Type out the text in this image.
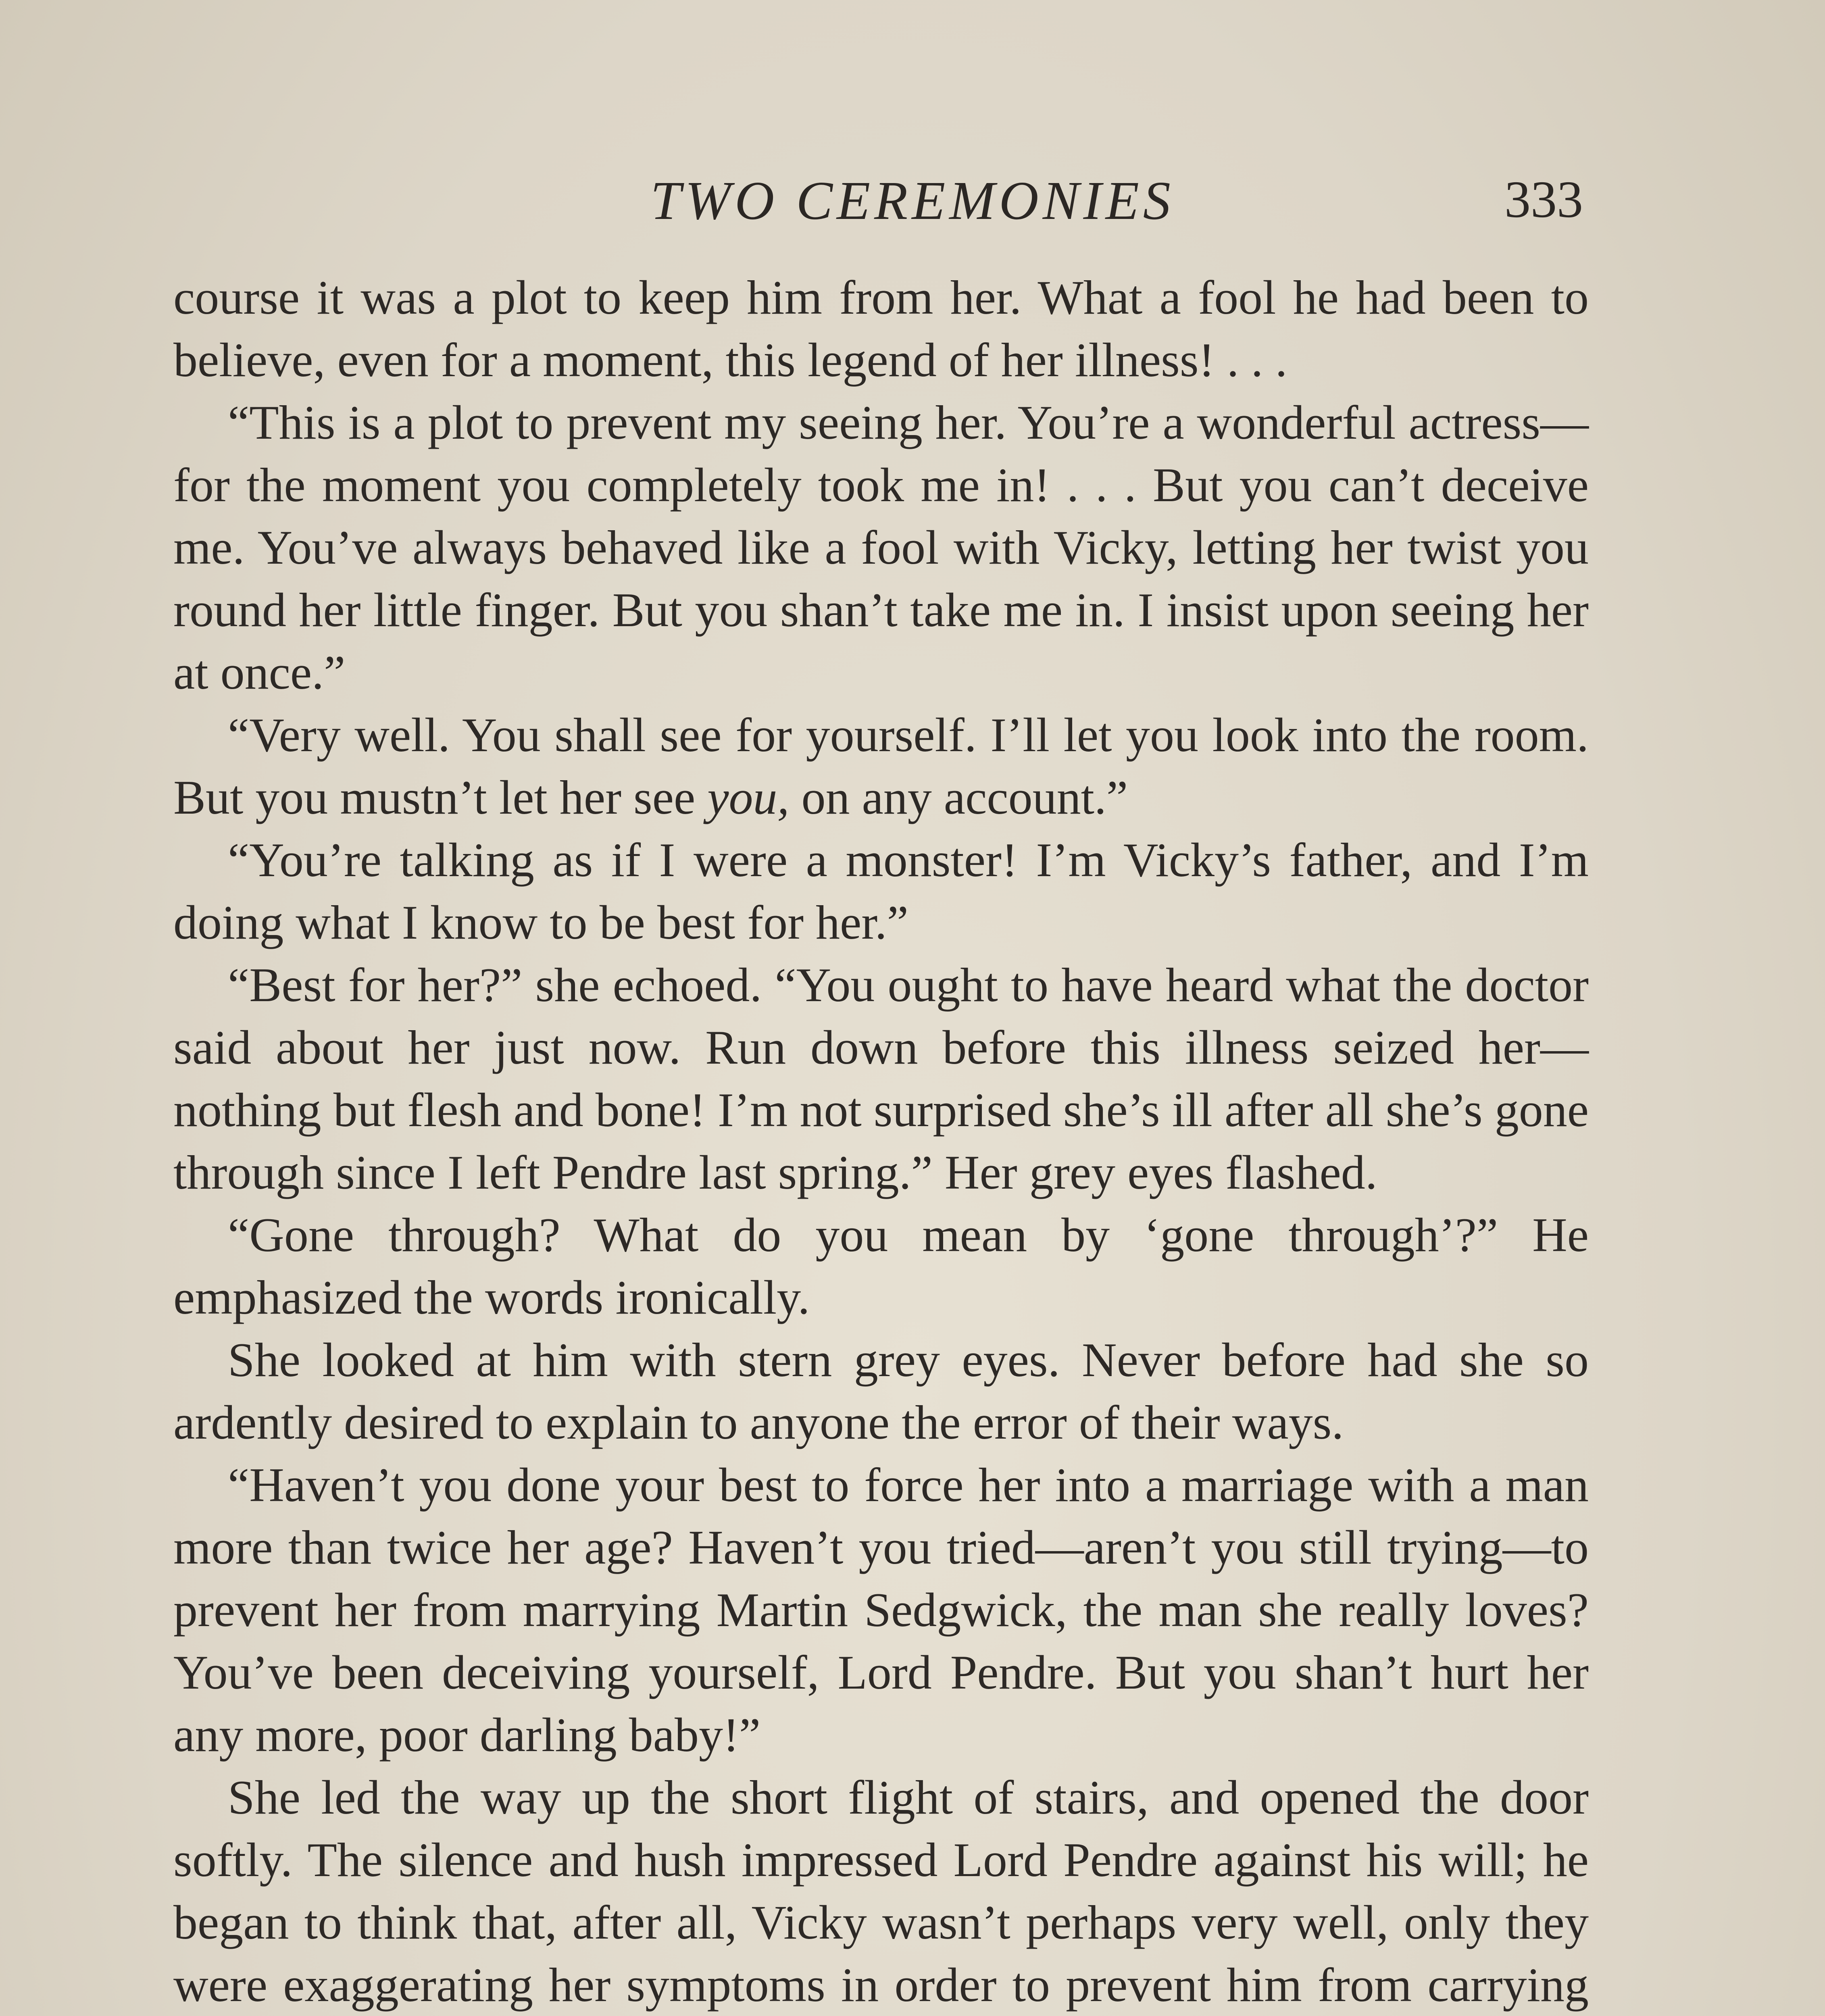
TWO CEREMONIES	333

course it was a plot to keep him from her. What a fool he had been to believe, even for a moment, this legend of her illness! . . .

“This is a plot to prevent my seeing her. You’re a wonderful actress—for the moment you completely took me in! . . . But you can’t deceive me. You’ve always behaved like a fool with Vicky, letting her twist you round her little finger. But you shan’t take me in. I insist upon seeing her at once.”

“Very well. You shall see for yourself. I’ll let you look into the room. But you mustn’t let her see you, on any account.”

“You’re talking as if I were a monster! I’m Vicky’s father, and I’m doing what I know to be best for her.”

“Best for her?” she echoed. “You ought to have heard what the doctor said about her just now. Run down before this illness seized her—nothing but flesh and bone! I’m not surprised she’s ill after all she’s gone through since I left Pendre last spring.” Her grey eyes flashed.

“Gone through? What do you mean by ‘gone through’?” He emphasized the words ironically.

She looked at him with stern grey eyes. Never before had she so ardently desired to explain to anyone the error of their ways.

“Haven’t you done your best to force her into a marriage with a man more than twice her age? Haven’t you tried—aren’t you still trying—to prevent her from marrying Martin Sedgwick, the man she really loves? You’ve been deceiving yourself, Lord Pendre. But you shan’t hurt her any more, poor darling baby!”

She led the way up the short flight of stairs, and opened the door softly. The silence and hush impressed Lord Pendre against his will; he began to think that, after all, Vicky wasn’t perhaps very well, only they were exaggerating her symptoms in order to prevent him from carrying
